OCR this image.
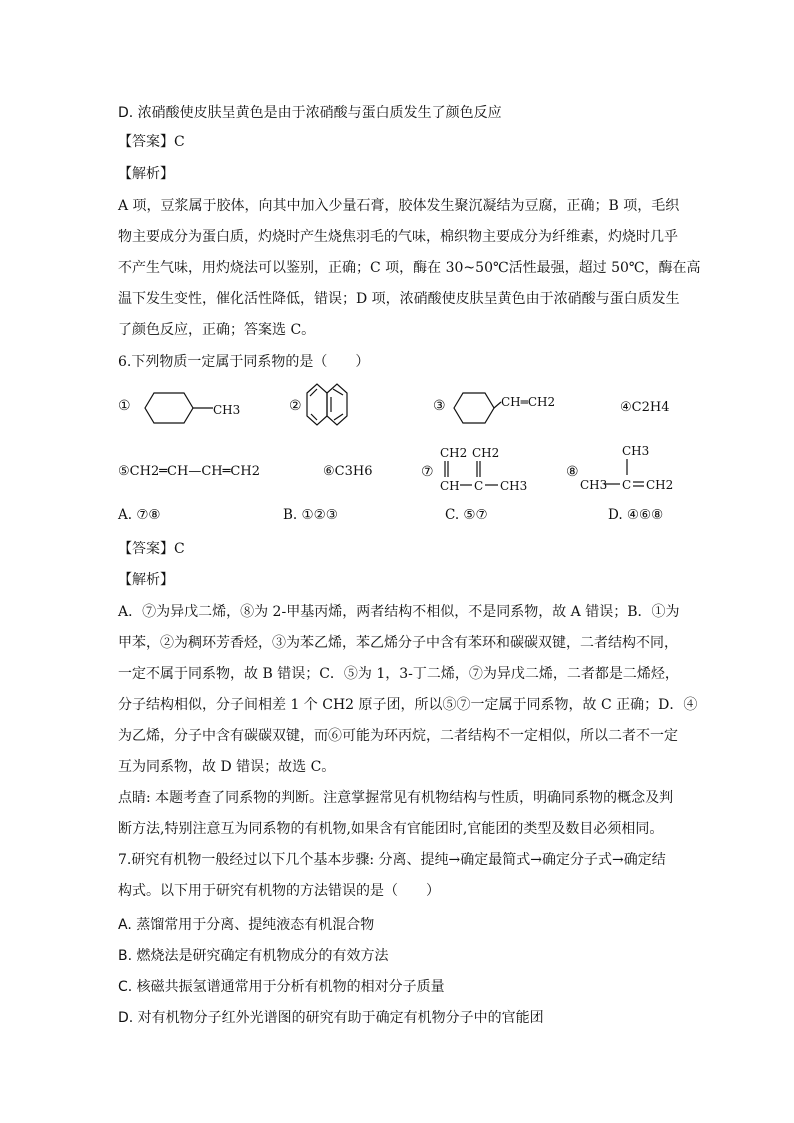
D. 浓硝酸使皮肤呈黄色是由于浓硝酸与蛋白质发生了颜色反应
【答案】C
【解析】
A 项，豆浆属于胶体，向其中加入少量石膏，胶体发生聚沉凝结为豆腐，正确；B 项，毛织
物主要成分为蛋白质，灼烧时产生烧焦羽毛的气味，棉织物主要成分为纤维素，灼烧时几乎
不产生气味，用灼烧法可以鉴别，正确；C 项，酶在 30~50℃活性最强，超过 50℃，酶在高
温下发生变性，催化活性降低，错误；D 项，浓硝酸使皮肤呈黄色由于浓硝酸与蛋白质发生
了颜色反应，正确；答案选 C。
6.下列物质一定属于同系物的是（　　）
①	CH3	②	③	CH═CH2	④C2H4
⑤CH2═CH—CH═CH2	⑥C3H6	⑦
CH2 CH2
CH C CH3
⑧
CH3
CH3 C CH2
A. ⑦⑧	B. ①②③	C. ⑤⑦	D. ④⑥⑧
【答案】C
【解析】
A．⑦为异戊二烯，⑧为 2-甲基丙烯，两者结构不相似，不是同系物，故 A 错误；B．①为
甲苯，②为稠环芳香烃，③为苯乙烯，苯乙烯分子中含有苯环和碳碳双键，二者结构不同，
一定不属于同系物，故 B 错误；C．⑤为 1，3-丁二烯，⑦为异戊二烯，二者都是二烯烃，
分子结构相似，分子间相差 1 个 CH2 原子团，所以⑤⑦一定属于同系物，故 C 正确；D．④
为乙烯，分子中含有碳碳双键，而⑥可能为环丙烷，二者结构不一定相似，所以二者不一定
互为同系物，故 D 错误；故选 C。
点睛: 本题考查了同系物的判断。注意掌握常见有机物结构与性质，明确同系物的概念及判
断方法,特别注意互为同系物的有机物,如果含有官能团时,官能团的类型及数目必须相同。
7.研究有机物一般经过以下几个基本步骤: 分离、提纯→确定最简式→确定分子式→确定结
构式。以下用于研究有机物的方法错误的是（　　）
A. 蒸馏常用于分离、提纯液态有机混合物
B. 燃烧法是研究确定有机物成分的有效方法
C. 核磁共振氢谱通常用于分析有机物的相对分子质量
D. 对有机物分子红外光谱图的研究有助于确定有机物分子中的官能团
